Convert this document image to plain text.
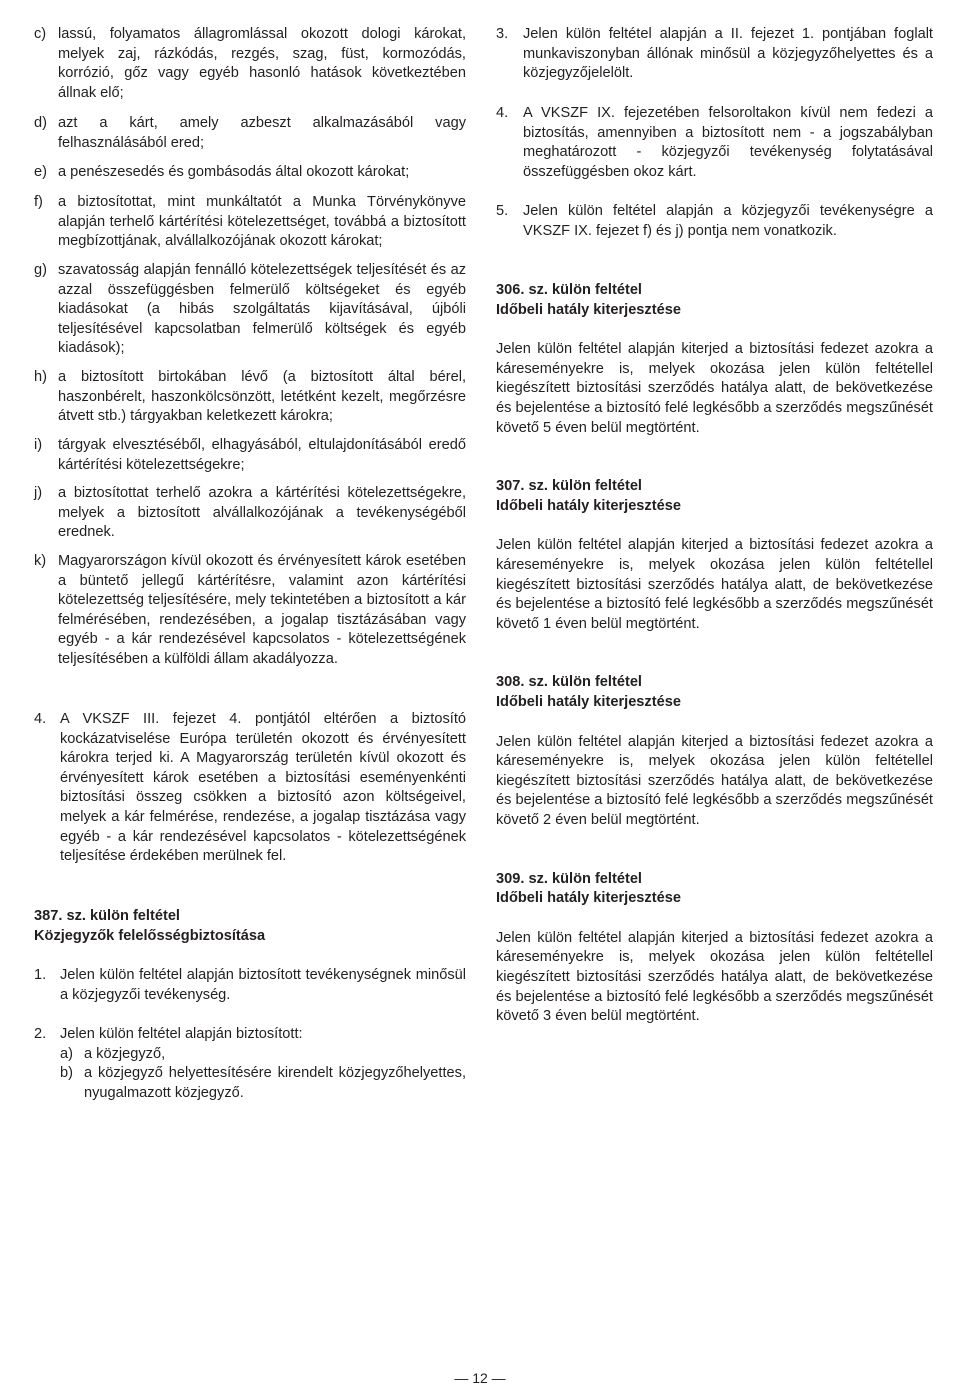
c) lassú, folyamatos állagromlással okozott dologi károkat, melyek zaj, rázkódás, rezgés, szag, füst, kormozódás, korrózió, gőz vagy egyéb hasonló hatások következtében állnak elő;
d) azt a kárt, amely azbeszt alkalmazásából vagy felhasználásából ered;
e) a penészesedés és gombásodás által okozott károkat;
f)	a biztosítottat, mint munkáltatót a Munka Törvénykönyve alapján terhelő kártérítési kötelezettséget, továbbá a biztosított megbízottjának, alvállalkozójának okozott károkat;
g) szavatosság alapján fennálló kötelezettségek teljesítését és az azzal összefüggésben felmerülő költségeket és egyéb kiadásokat (a hibás szolgáltatás kijavításával, újbóli teljesítésével kapcsolatban felmerülő költségek és egyéb kiadások);
h) a biztosított birtokában lévő (a biztosított által bérel, haszonbérelt, haszonkölcsönzött, letétként kezelt, megőrzésre átvett stb.) tárgyakban keletkezett károkra;
i)	tárgyak elvesztéséből, elhagyásából, eltulajdonításából eredő kártérítési kötelezettségekre;
j)	a biztosítottat terhelő azokra a kártérítési kötelezettségekre, melyek a biztosított alvállalkozójának a tevékenységéből erednek.
k) Magyarországon kívül okozott és érvényesített károk esetében a büntető jellegű kártérítésre, valamint azon kártérítési kötelezettség teljesítésére, mely tekintetében a biztosított a kár felmérésében, rendezésében, a jogalap tisztázásában vagy egyéb - a kár rendezésével kapcsolatos - kötelezettségének teljesítésében a külföldi állam akadályozza.
4. A VKSZF III. fejezet 4. pontjától eltérően a biztosító kockázatviselése Európa területén okozott és érvényesített károkra terjed ki. A Magyarország területén kívül okozott és érvényesített károk esetében a biztosítási eseményenkénti biztosítási összeg csökken a biztosító azon költségeivel, melyek a kár felmérése, rendezése, a jogalap tisztázása vagy egyéb - a kár rendezésével kapcsolatos - kötelezettségének teljesítése érdekében merülnek fel.

387. sz. külön feltétel

Közjegyzők felelősségbiztosítása

1. Jelen külön feltétel alapján biztosított tevékenységnek minősül a közjegyzői tevékenység.
2. Jelen külön feltétel alapján biztosított:
a) a közjegyző,
b) a közjegyző helyettesítésére kirendelt közjegyzőhelyettes, nyugalmazott közjegyző.
3.	Jelen külön feltétel alapján a II. fejezet 1. pontjában foglalt munkaviszonyban állónak minősül a közjegyzőhelyettes és a közjegyzőjelelölt.
4.	A VKSZF IX. fejezetében felsoroltakon kívül nem fedezi a biztosítás, amennyiben a biztosított nem - a jogszabályban meghatározott - közjegyzői tevékenység folytatásával összefüggésben okoz kárt.
5.	Jelen külön feltétel alapján a közjegyzői tevékenységre a VKSZF IX. fejezet f) és j) pontja nem vonatkozik.

306. sz. külön feltétel

Időbeli hatály kiterjesztése

Jelen külön feltétel alapján kiterjed a biztosítási fedezet azokra a káreseményekre is, melyek okozása jelen külön feltétellel kiegészített biztosítási szerződés hatálya alatt, de bekövetkezése és bejelentése a biztosító felé legkésőbb a szerződés megszűnését követő 5 éven belül megtörtént.

307. sz. külön feltétel

Időbeli hatály kiterjesztése

Jelen külön feltétel alapján kiterjed a biztosítási fedezet azokra a káreseményekre is, melyek okozása jelen külön feltétellel kiegészített biztosítási szerződés hatálya alatt, de bekövetkezése és bejelentése a biztosító felé legkésőbb a szerződés megszűnését követő 1 éven belül megtörtént.

308. sz. külön feltétel

Időbeli hatály kiterjesztése

Jelen külön feltétel alapján kiterjed a biztosítási fedezet azokra a káreseményekre is, melyek okozása jelen külön feltétellel kiegészített biztosítási szerződés hatálya alatt, de bekövetkezése és bejelentése a biztosító felé legkésőbb a szerződés megszűnését követő 2 éven belül megtörtént.

309. sz. külön feltétel

Időbeli hatály kiterjesztése

Jelen külön feltétel alapján kiterjed a biztosítási fedezet azokra a káreseményekre is, melyek okozása jelen külön feltétellel kiegészített biztosítási szerződés hatálya alatt, de bekövetkezése és bejelentése a biztosító felé legkésőbb a szerződés megszűnését követő 3 éven belül megtörtént.

— 12 —
